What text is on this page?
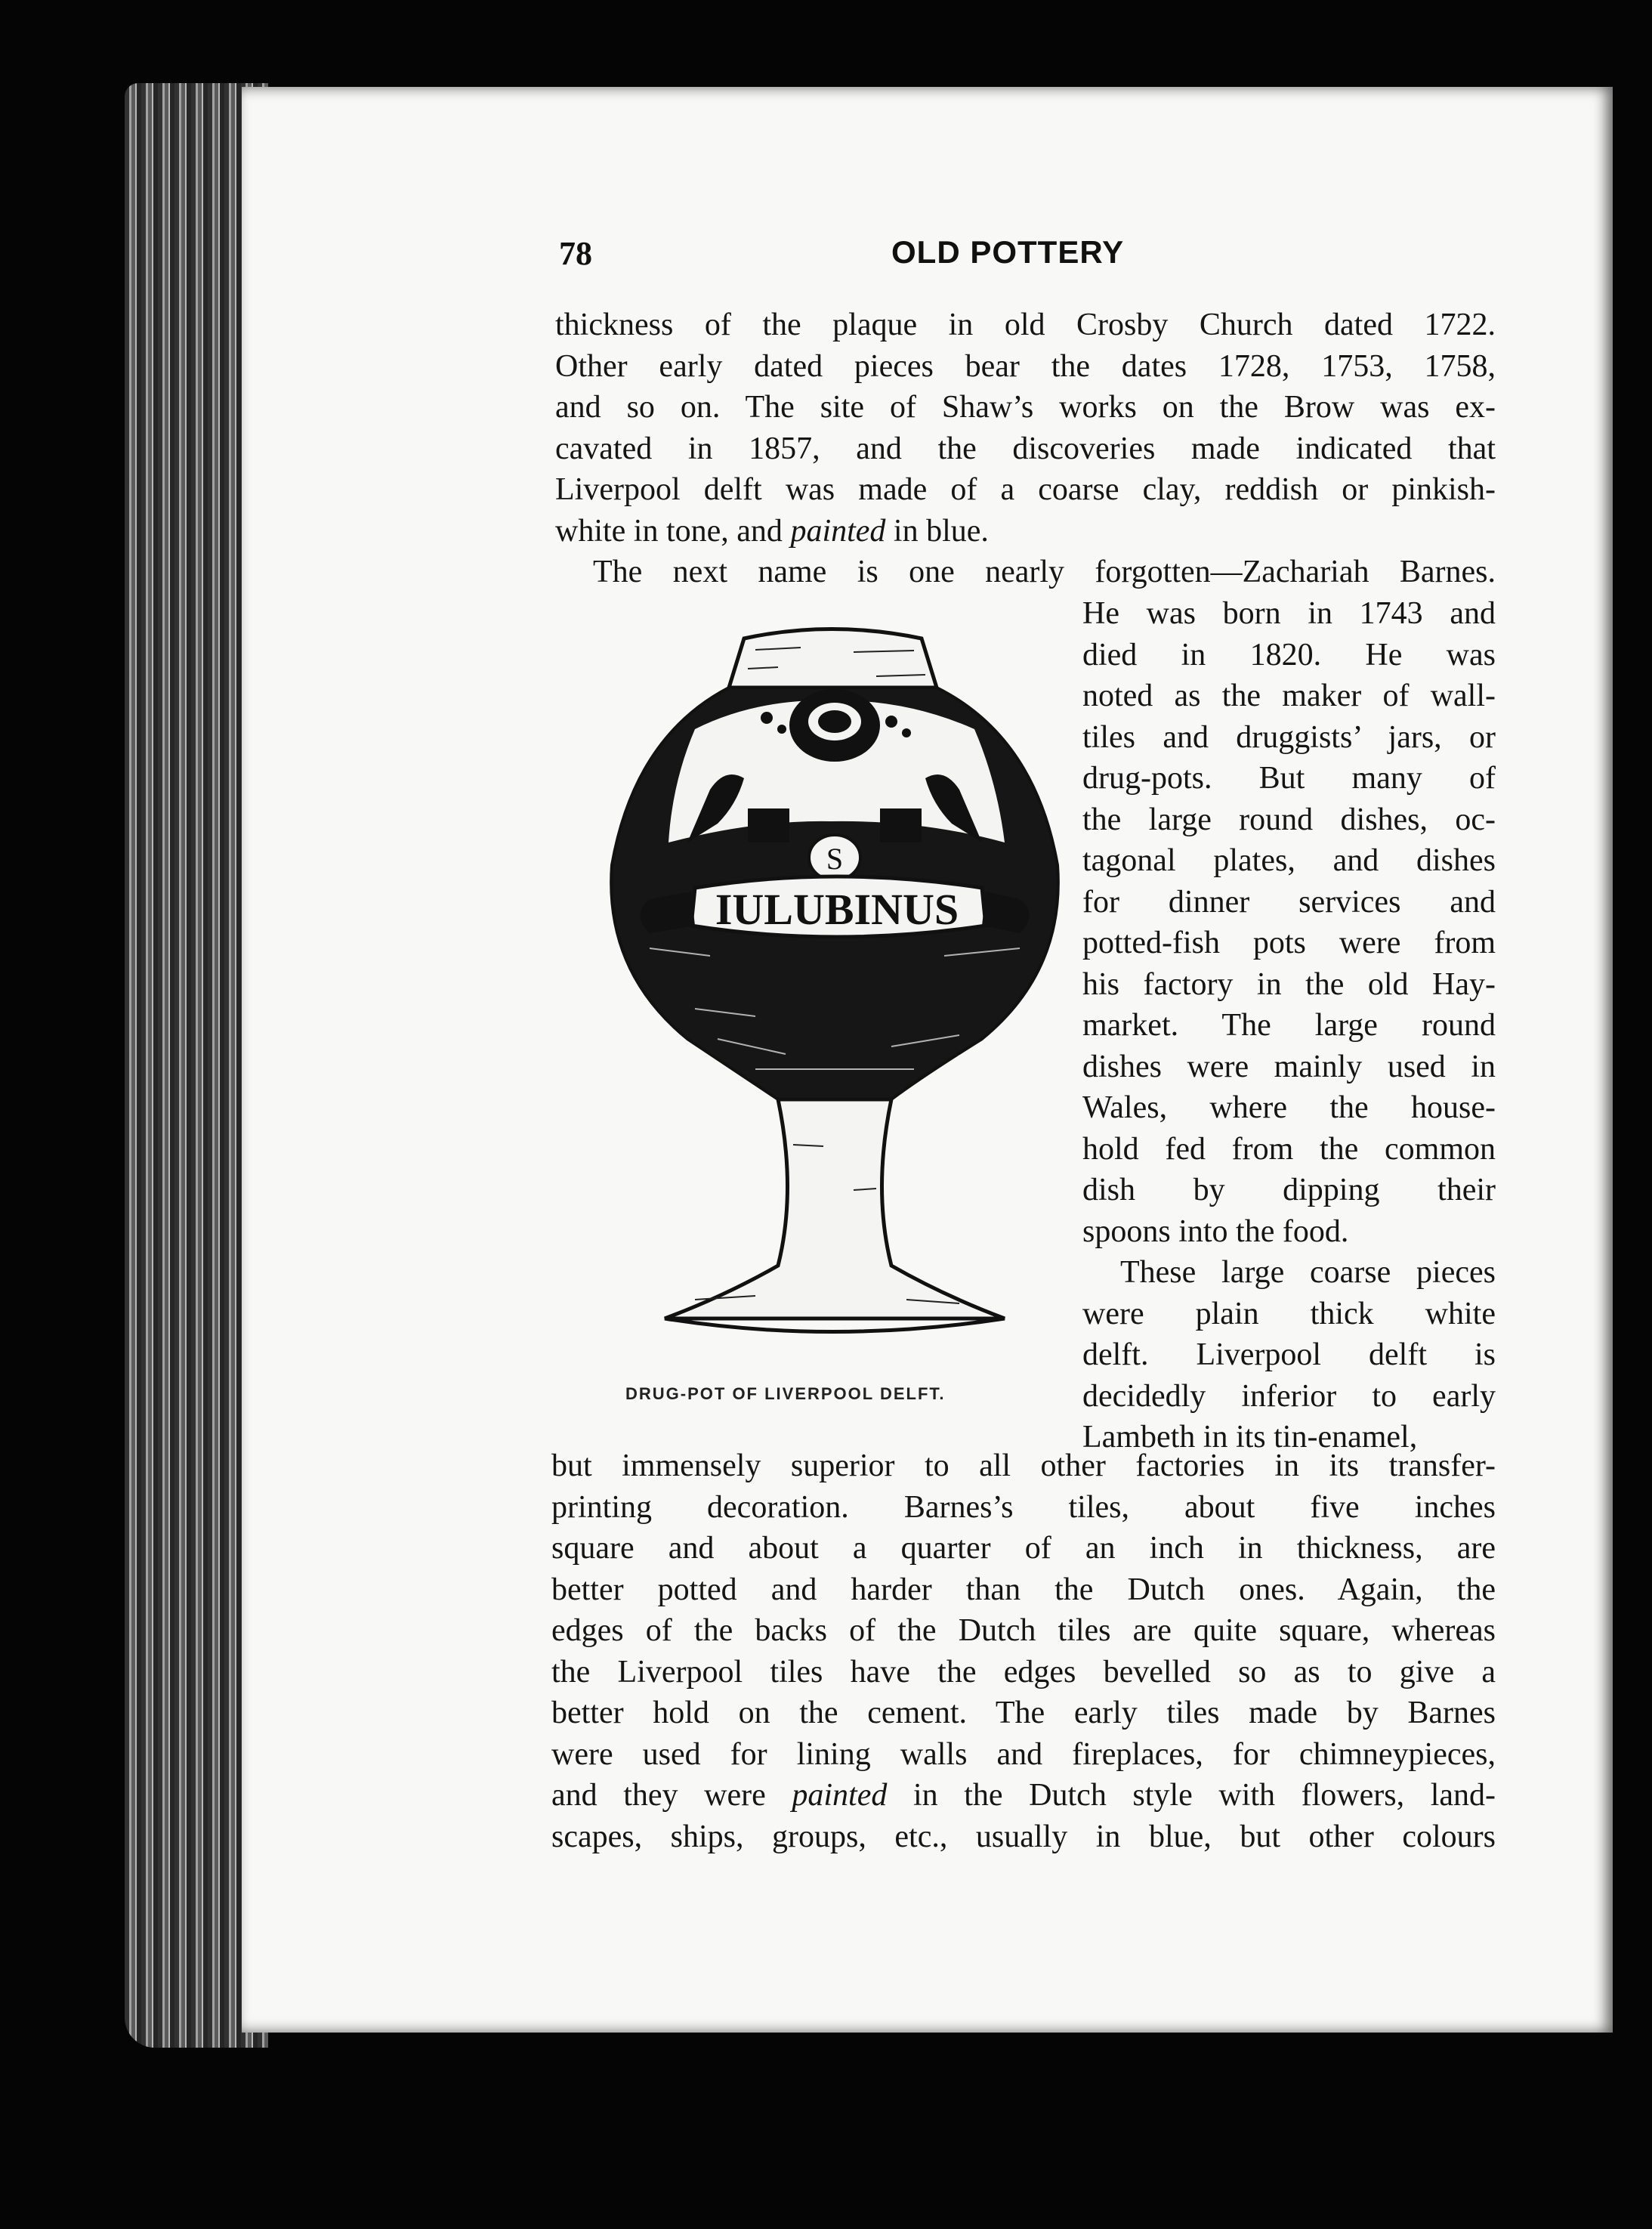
78	OLD POTTERY
thickness of the plaque in old Crosby Church dated 1722.
Other early dated pieces bear the dates 1728, 1753, 1758,
and so on. The site of Shaw’s works on the Brow was ex-
cavated in 1857, and the discoveries made indicated that
Liverpool delft was made of a coarse clay, reddish or pinkish-
white in tone, and painted in blue.
The next name is one nearly forgotten—Zachariah Barnes.
S
IULUBINUS
DRUG-POT OF LIVERPOOL DELFT.
He was born in 1743 and
died in 1820. He was
noted as the maker of wall-
tiles and druggists’ jars, or
drug-pots. But many of
the large round dishes, oc-
tagonal plates, and dishes
for dinner services and
potted-fish pots were from
his factory in the old Hay-
market. The large round
dishes were mainly used in
Wales, where the house-
hold fed from the common
dish by dipping their
spoons into the food.
These large coarse pieces
were plain thick white
delft. Liverpool delft is
decidedly inferior to early
Lambeth in its tin-enamel,
but immensely superior to all other factories in its transfer-
printing decoration. Barnes’s tiles, about five inches
square and about a quarter of an inch in thickness, are
better potted and harder than the Dutch ones. Again, the
edges of the backs of the Dutch tiles are quite square, whereas
the Liverpool tiles have the edges bevelled so as to give a
better hold on the cement. The early tiles made by Barnes
were used for lining walls and fireplaces, for chimneypieces,
and they were painted in the Dutch style with flowers, land-
scapes, ships, groups, etc., usually in blue, but other colours
